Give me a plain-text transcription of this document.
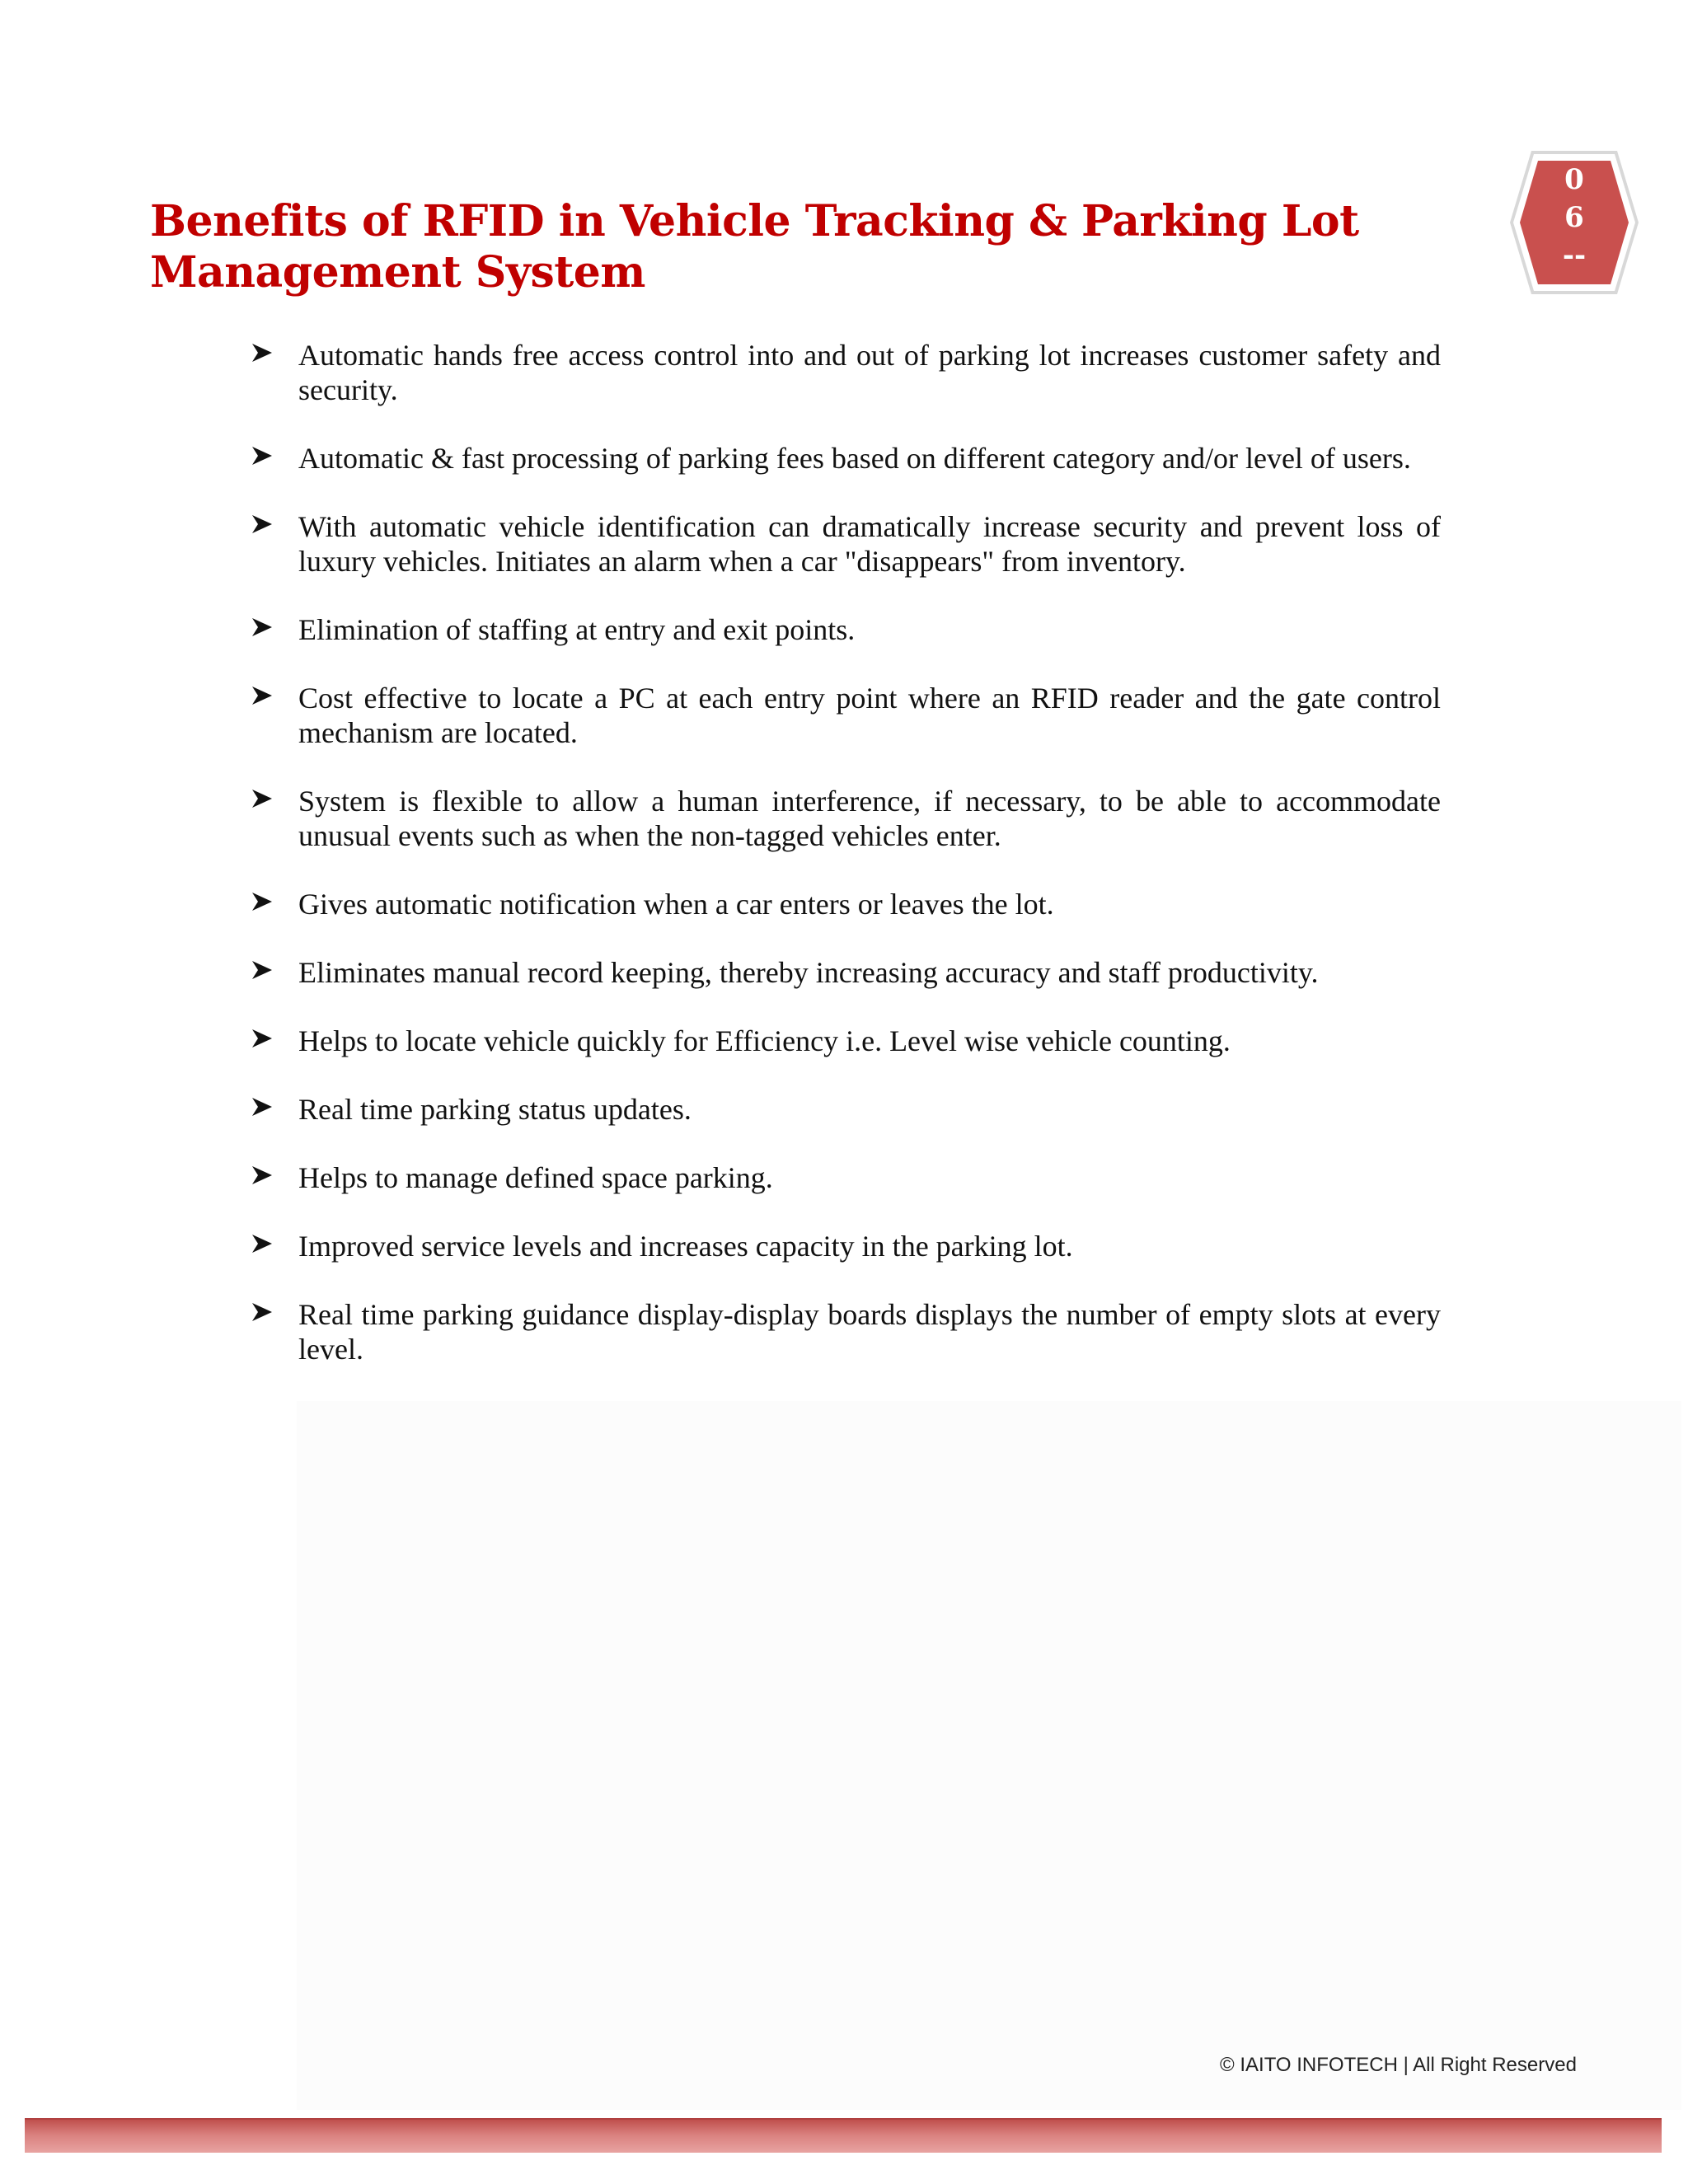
Benefits of RFID in Vehicle Tracking & Parking Lot
Management System
0
6
--
Automatic hands free access control into and out of parking lot increases customer safety and security.
Automatic & fast processing of parking fees based on different category and/or level of users.
With automatic vehicle identification can dramatically increase security and prevent loss of luxury vehicles. Initiates an alarm when a car "disappears" from inventory.
Elimination of staffing at entry and exit points.
Cost effective to locate a PC at each entry point where an RFID reader and the gate control mechanism are located.
System is flexible to allow a human interference, if necessary, to be able to accommodate unusual events such as when the non-tagged vehicles enter.
Gives automatic notification when a car enters or leaves the lot.
Eliminates manual record keeping, thereby increasing accuracy and staff productivity.
Helps to locate vehicle quickly for Efficiency i.e. Level wise vehicle counting.
Real time parking status updates.
Helps to manage defined space parking.
Improved service levels and increases capacity in the parking lot.
Real time parking guidance display-display boards displays the number of empty slots at every level.
© IAITO INFOTECH | All Right Reserved
